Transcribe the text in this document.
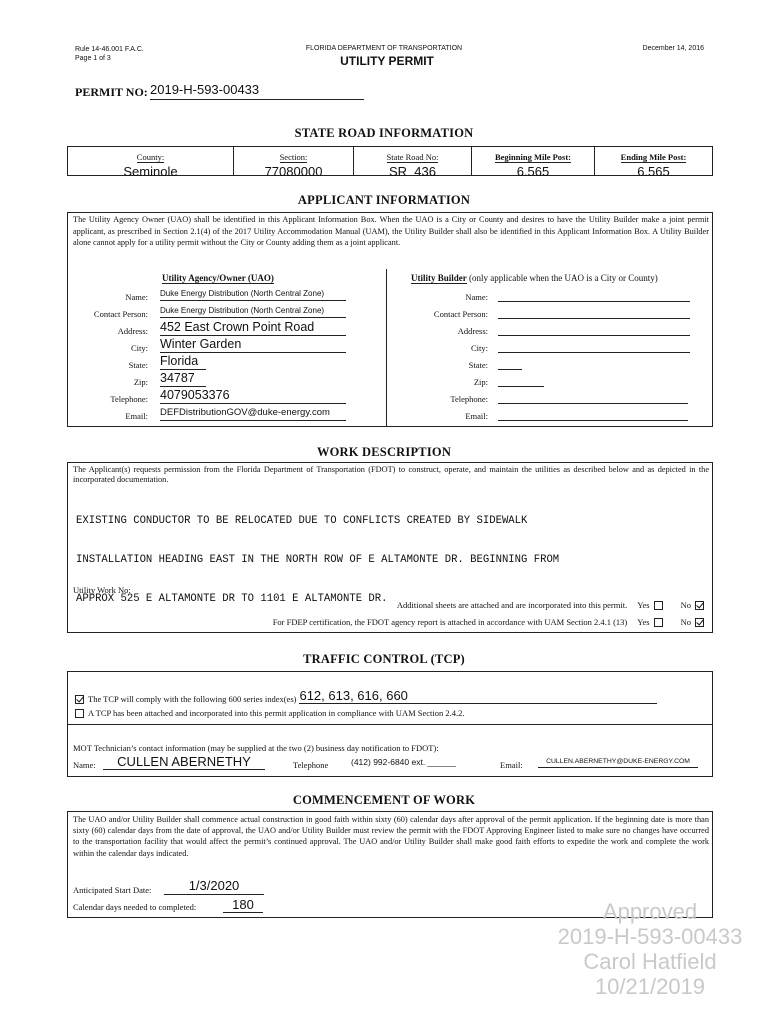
Rule 14-46.001 F.A.C.
Page 1 of 3
FLORIDA DEPARTMENT OF TRANSPORTATION
UTILITY PERMIT
December 14, 2016
PERMIT NO: 2019-H-593-00433
STATE ROAD INFORMATION
County:
Seminole
Section:
77080000
State Road No:
SR  436
Beginning Mile Post:
6.565
Ending Mile Post:
6.565
APPLICANT INFORMATION
The Utility Agency Owner (UAO) shall be identified in this Applicant Information Box. When the UAO is a City or County and desires to have the Utility Builder make a joint permit applicant, as prescribed in Section 2.1(4) of the 2017 Utility Accommodation Manual (UAM), the Utility Builder shall also be identified in this Applicant Information Box. A Utility Builder alone cannot apply for a utility permit without the City or County adding them as a joint applicant.
Utility Agency/Owner (UAO)
Name: Duke Energy Distribution (North Central Zone)
Contact Person: Duke Energy Distribution (North Central Zone)
Address: 452 East Crown Point Road
City: Winter Garden
State: Florida
Zip: 34787
Telephone: 4079053376
Email: DEFDistributionGOV@duke-energy.com
Utility Builder (only applicable when the UAO is a City or County)
Name:
Contact Person:
Address:
City:
State:
Zip:
Telephone:
Email:
WORK DESCRIPTION
The Applicant(s) requests permission from the Florida Department of Transportation (FDOT) to construct, operate, and maintain the utilities as described below and as depicted in the incorporated documentation.

EXISTING CONDUCTOR TO BE RELOCATED DUE TO CONFLICTS CREATED BY SIDEWALK

INSTALLATION HEADING EAST IN THE NORTH ROW OF E ALTAMONTE DR. BEGINNING FROM

APPROX 525 E ALTAMONTE DR TO 1101 E ALTAMONTE DR.

Utility Work No:
Additional sheets are attached and are incorporated into this permit. Yes	No
For FDEP certification, the FDOT agency report is attached in accordance with UAM Section 2.4.1 (13) Yes	No
TRAFFIC CONTROL (TCP)
The TCP will comply with the following 600 series index(es) 612, 613, 616, 660
A TCP has been attached and incorporated into this permit application in compliance with UAM Section 2.4.2.
MOT Technician’s contact information (may be supplied at the two (2) business day notification to FDOT):
Name:	CULLEN ABERNETHY	Telephone	(412) 992-6840 ext. ______	Email:	CULLEN.ABERNETHY@DUKE-ENERGY.COM
COMMENCEMENT OF WORK
The UAO and/or Utility Builder shall commence actual construction in good faith within sixty (60) calendar days after approval of the permit application. If the beginning date is more than sixty (60) calendar days from the date of approval, the UAO and/or Utility Builder must review the permit with the FDOT Approving Engineer listed to make sure no changes have occurred to the transportation facility that would affect the permit’s continued approval. The UAO and/or Utility Builder shall make good faith efforts to expedite the work and complete the work within the calendar days indicated.
Anticipated Start Date:	1/3/2020
Calendar days needed to completed:	180	Approved
2019-H-593-00433
Carol Hatfield
10/21/2019
